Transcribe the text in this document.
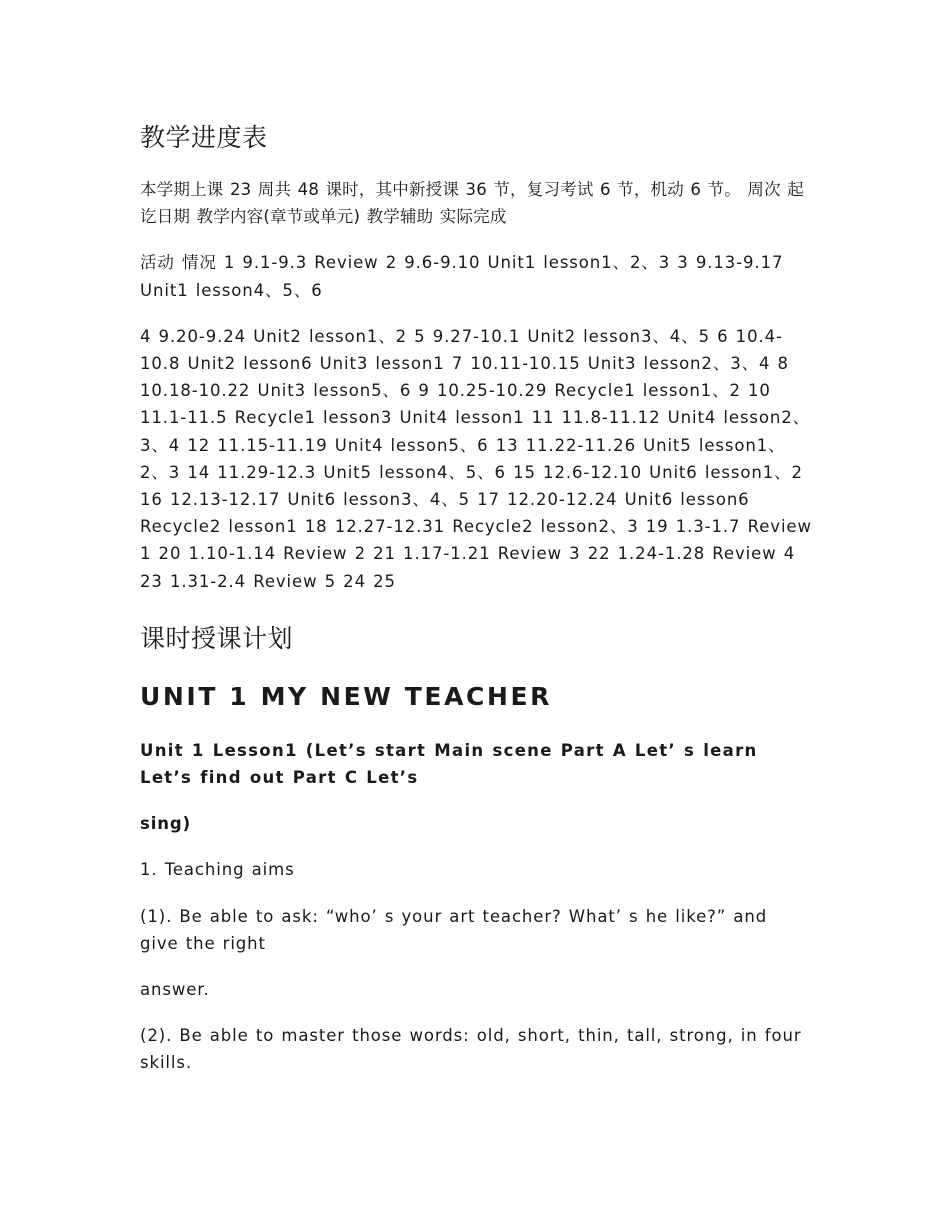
教学进度表

本学期上课 23 周共 48 课时，其中新授课 36 节，复习考试 6 节，机动 6 节。 周次 起讫日期 教学内容(章节或单元) 教学辅助 实际完成

活动 情况 1 9.1-9.3 Review 2 9.6-9.10 Unit1 lesson1、2、3 3 9.13-9.17 Unit1 lesson4、5、6

4 9.20-9.24 Unit2 lesson1、2 5 9.27-10.1 Unit2 lesson3、4、5 6 10.4-10.8 Unit2 lesson6 Unit3 lesson1 7 10.11-10.15 Unit3 lesson2、3、4 8 10.18-10.22 Unit3 lesson5、6 9 10.25-10.29 Recycle1 lesson1、2 10 11.1-11.5 Recycle1 lesson3 Unit4 lesson1 11 11.8-11.12 Unit4 lesson2、3、4 12 11.15-11.19 Unit4 lesson5、6 13 11.22-11.26 Unit5 lesson1、2、3 14 11.29-12.3 Unit5 lesson4、5、6 15 12.6-12.10 Unit6 lesson1、2 16 12.13-12.17 Unit6 lesson3、4、5 17 12.20-12.24 Unit6 lesson6 Recycle2 lesson1 18 12.27-12.31 Recycle2 lesson2、3 19 1.3-1.7 Review 1 20 1.10-1.14 Review 2 21 1.17-1.21 Review 3 22 1.24-1.28 Review 4 23 1.31-2.4 Review 5 24 25

课时授课计划
UNIT 1 MY NEW TEACHER

Unit 1 Lesson1 (Let’s start Main scene Part A Let’ s learn Let’s find out Part C Let’s

sing)

1. Teaching aims

(1). Be able to ask: “who’ s your art teacher? What’ s he like?” and give the right

answer.

(2). Be able to master those words: old, short, thin, tall, strong, in four skills.
